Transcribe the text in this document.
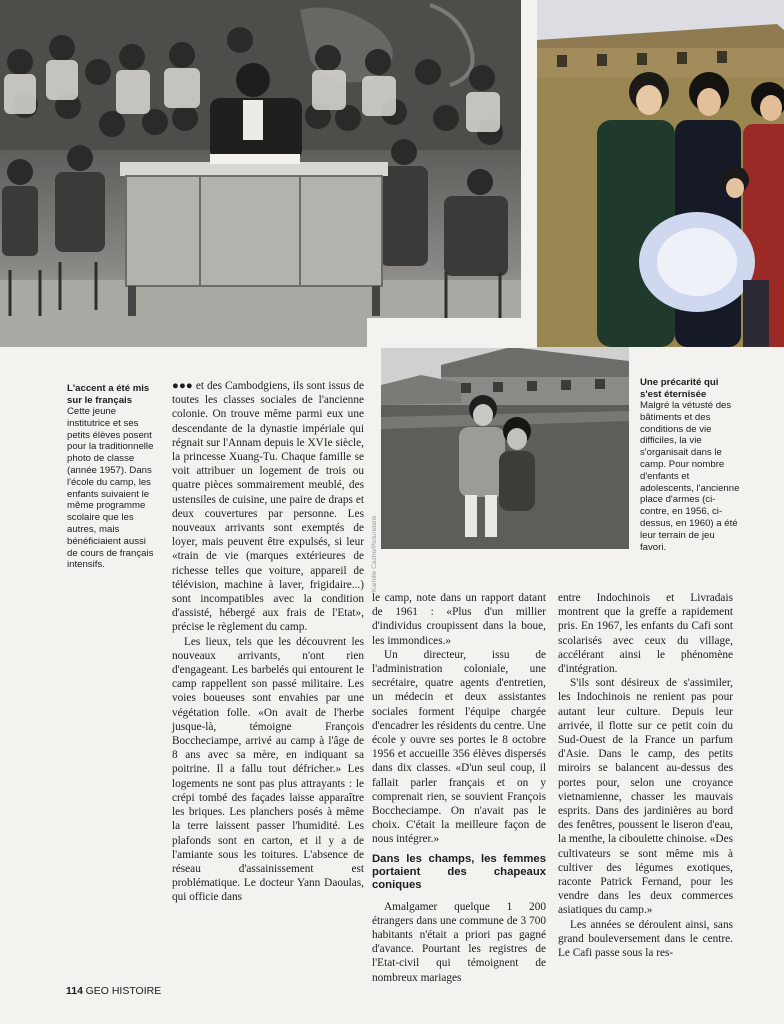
Kamille Castro/Picturetank
L'accent a été mis sur le français
Cette jeune institutrice et ses petits élèves posent pour la traditionnelle photo de classe (année 1957). Dans l'école du camp, les enfants suivaient le même programme scolaire que les autres, mais bénéficiaient aussi de cours de français intensifs.
Une précarité qui s'est éternisée
Malgré la vétusté des bâtiments et des conditions de vie difficiles, la vie s'organisait dans le camp. Pour nombre d'enfants et adolescents, l'ancienne place d'armes (ci-contre, en 1956, ci-dessus, en 1960) a été leur terrain de jeu favori.

●●● et des Cambodgiens, ils sont issus de toutes les classes sociales de l'ancienne colonie. On trouve même parmi eux une descendante de la dynastie impériale qui régnait sur l'Annam depuis le XVIe siècle, la princesse Xuang-Tu. Chaque famille se voit attribuer un logement de trois ou quatre pièces sommairement meublé, des ustensiles de cuisine, une paire de draps et deux couvertures par personne. Les nouveaux arrivants sont exemptés de loyer, mais peuvent être expulsés, si leur «train de vie (marques extérieures de richesse telles que voiture, appareil de télévision, machine à laver, frigidaire...) sont incompatibles avec la condition d'assisté, hébergé aux frais de l'Etat», précise le règlement du camp.

Les lieux, tels que les découvrent les nouveaux arrivants, n'ont rien d'engageant. Les barbelés qui entourent le camp rappellent son passé militaire. Les voies boueuses sont envahies par une végétation folle. «On avait de l'herbe jusque-là, témoigne François Boccheciampe, arrivé au camp à l'âge de 8 ans avec sa mère, en indiquant sa poitrine. Il a fallu tout défricher.» Les logements ne sont pas plus attrayants : le crépi tombé des façades laisse apparaître les briques. Les planchers posés à même la terre laissent passer l'humidité. Les plafonds sont en carton, et il y a de l'amiante sous les toitures. L'absence de réseau d'assainissement est problématique. Le docteur Yann Daoulas, qui officie dans

le camp, note dans un rapport datant de 1961 : «Plus d'un millier d'individus croupissent dans la boue, les immondices.»

Un directeur, issu de l'administration coloniale, une secrétaire, quatre agents d'entretien, un médecin et deux assistantes sociales forment l'équipe chargée d'encadrer les résidents du centre. Une école y ouvre ses portes le 8 octobre 1956 et accueille 356 élèves dispersés dans dix classes. «D'un seul coup, il fallait parler français et on y comprenait rien, se souvient François Boccheciampe. On n'avait pas le choix. C'était la meilleure façon de nous intégrer.»

Dans les champs, les femmes portaient des chapeaux coniques

Amalgamer quelque 1 200 étrangers dans une commune de 3 700 habitants n'était a priori pas gagné d'avance. Pourtant les registres de l'Etat-civil qui témoignent de nombreux mariages

entre Indochinois et Livradais montrent que la greffe a rapidement pris. En 1967, les enfants du Cafi sont scolarisés avec ceux du village, accélérant ainsi le phénomène d'intégration.

S'ils sont désireux de s'assimiler, les Indochinois ne renient pas pour autant leur culture. Depuis leur arrivée, il flotte sur ce petit coin du Sud-Ouest de la France un parfum d'Asie. Dans le camp, des petits miroirs se balancent au-dessus des portes pour, selon une croyance vietnamienne, chasser les mauvais esprits. Dans des jardinières au bord des fenêtres, poussent le liseron d'eau, la menthe, la ciboulette chinoise. «Des cultivateurs se sont même mis à cultiver des légumes exotiques, raconte Patrick Fernand, pour les vendre dans les deux commerces asiatiques du camp.»

Les années se déroulent ainsi, sans grand bouleversement dans le centre. Le Cafi passe sous la res-

114 GEO HISTOIRE
